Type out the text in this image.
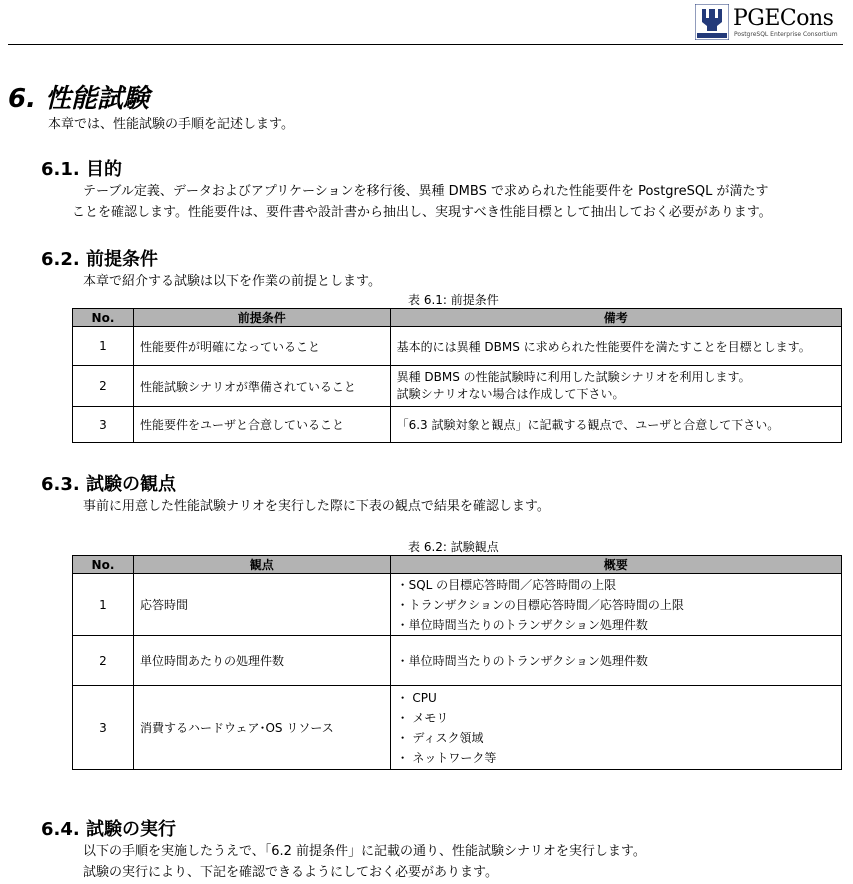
PGECons
PostgreSQL Enterprise Consortium
6. 性能試験
本章では、性能試験の手順を記述します。
6.1. 目的
テーブル定義、データおよびアプリケーションを移行後、異種 DMBS で求められた性能要件を PostgreSQL が満たす
ことを確認します。性能要件は、要件書や設計書から抽出し、実現すべき性能目標として抽出しておく必要があります。
6.2. 前提条件
本章で紹介する試験は以下を作業の前提とします。
表 6.1: 前提条件
No.	前提条件	備考
1	性能要件が明確になっていること	基本的には異種 DBMS に求められた性能要件を満たすことを目標とします。
2	性能試験シナリオが準備されていること	異種 DBMS の性能試験時に利用した試験シナリオを利用します。
試験シナリオない場合は作成して下さい。

3	性能要件をユーザと合意していること	「6.3 試験対象と観点」に記載する観点で、ユーザと合意して下さい。
6.3. 試験の観点
事前に用意した性能試験ナリオを実行した際に下表の観点で結果を確認します。
表 6.2: 試験観点
No.	観点	概要
1	応答時間	・SQL の目標応答時間／応答時間の上限
・トランザクションの目標応答時間／応答時間の上限
・単位時間当たりのトランザクション処理件数

2	単位時間あたりの処理件数	・単位時間当たりのトランザクション処理件数
3	消費するハードウェア･OS リソース	・ CPU
・ メモリ
・ ディスク領域
・ ネットワーク等
6.4. 試験の実行
以下の手順を実施したうえで、「6.2 前提条件」に記載の通り、性能試験シナリオを実行します。
試験の実行により、下記を確認できるようにしておく必要があります。
